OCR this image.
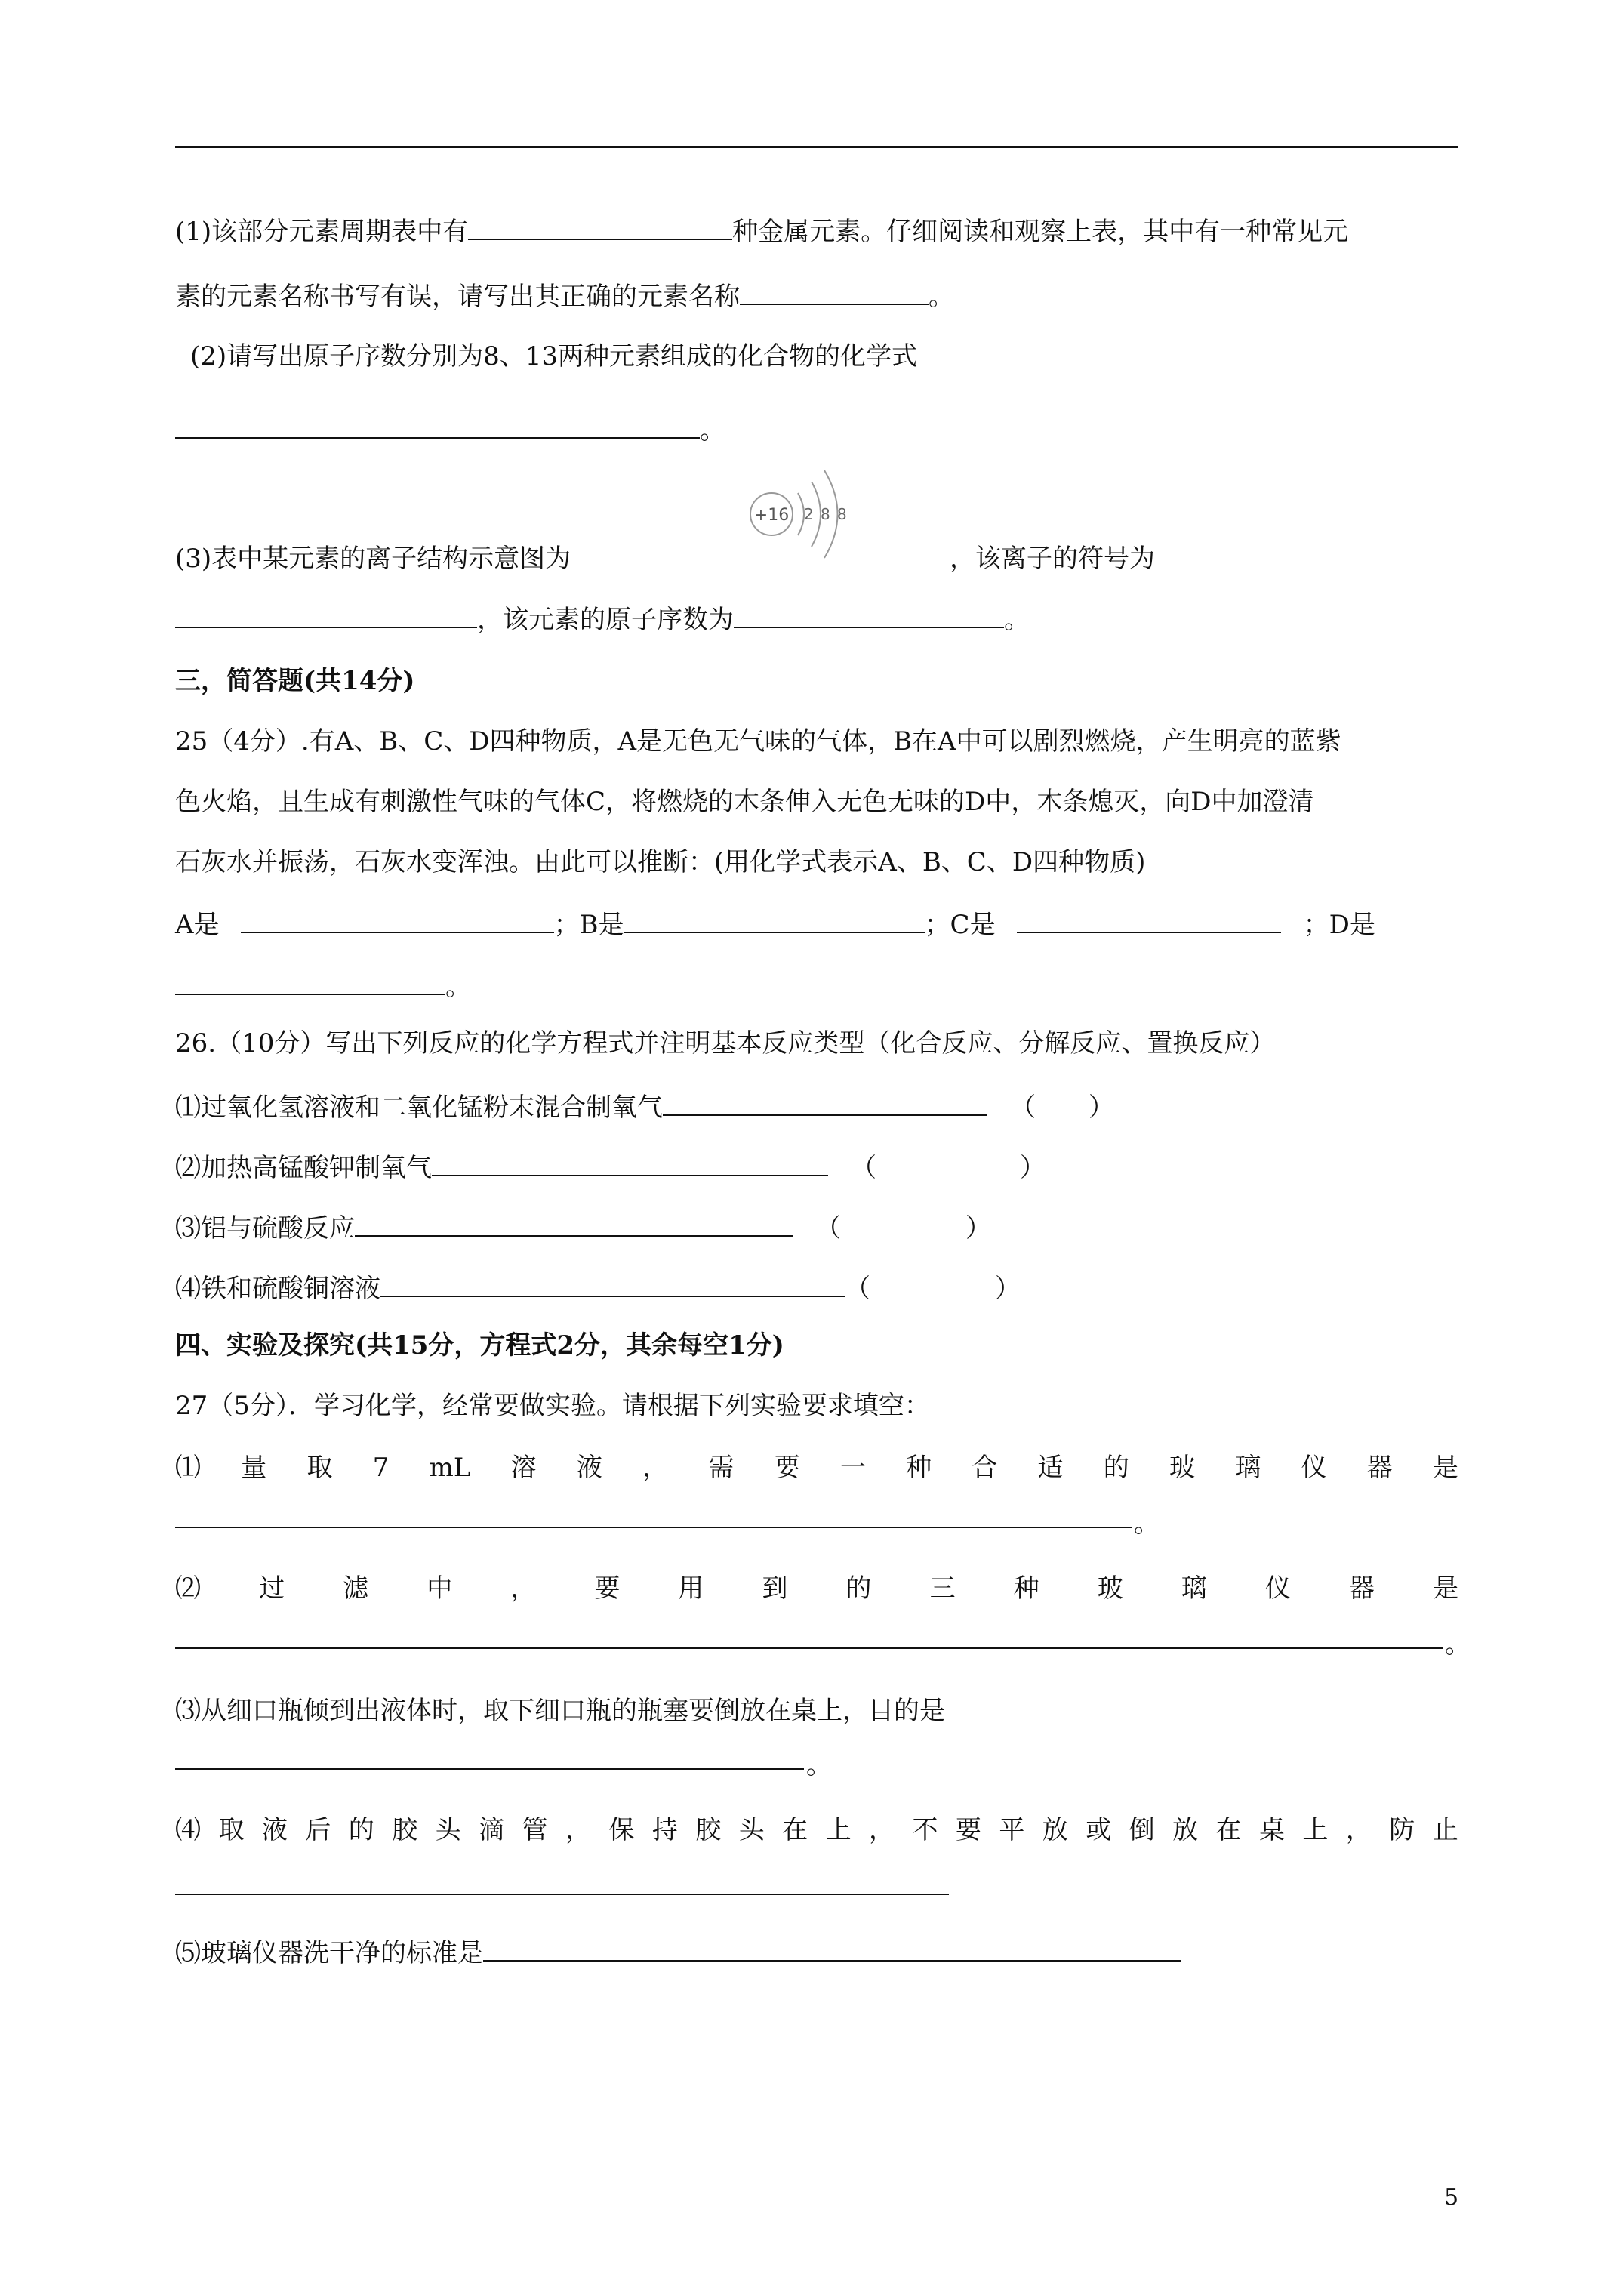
(1)该部分元素周期表中有	种金属元素。仔细阅读和观察上表，其中有一种常见元
素的元素名称书写有误，请写出其正确的元素名称	。
(2)请写出原子序数分别为8、13两种元素组成的化合物的化学式
。
+16 2 8 8
(3)表中某元素的离子结构示意图为	，该离子的符号为
，该元素的原子序数为	。
三，简答题(共14分)
25（4分）.有A、B、C、D四种物质，A是无色无气味的气体，B在A中可以剧烈燃烧，产生明亮的蓝紫
色火焰，且生成有刺激性气味的气体C，将燃烧的木条伸入无色无味的D中，木条熄灭，向D中加澄清
石灰水并振荡，石灰水变浑浊。由此可以推断：(用化学式表示A、B、C、D四种物质)
A是	；B是	；C是	；D是
。
26.（10分）写出下列反应的化学方程式并注明基本反应类型（化合反应、分解反应、置换反应）
⑴过氧化氢溶液和二氧化锰粉末混合制氧气	（ ）
⑵加热高锰酸钾制氧气	（	）
⑶铝与硫酸反应	（	）
⑷铁和硫酸铜溶液	（	）
四、实验及探究(共15分，方程式2分，其余每空1分)
27（5分）．学习化学，经常要做实验。请根据下列实验要求填空：
⑴ 量 取 7 mL 溶 液 ， 需 要 一 种 合 适 的 玻 璃 仪 器 是
。
⑵ 过 滤 中 ， 要 用 到 的 三 种 玻 璃 仪 器 是
。
⑶从细口瓶倾到出液体时，取下细口瓶的瓶塞要倒放在桌上，目的是
。
⑷ 取 液 后 的 胶 头 滴 管 ， 保 持 胶 头 在 上 ， 不 要 平 放 或 倒 放 在 桌 上 ， 防 止
⑸玻璃仪器洗干净的标准是
5
